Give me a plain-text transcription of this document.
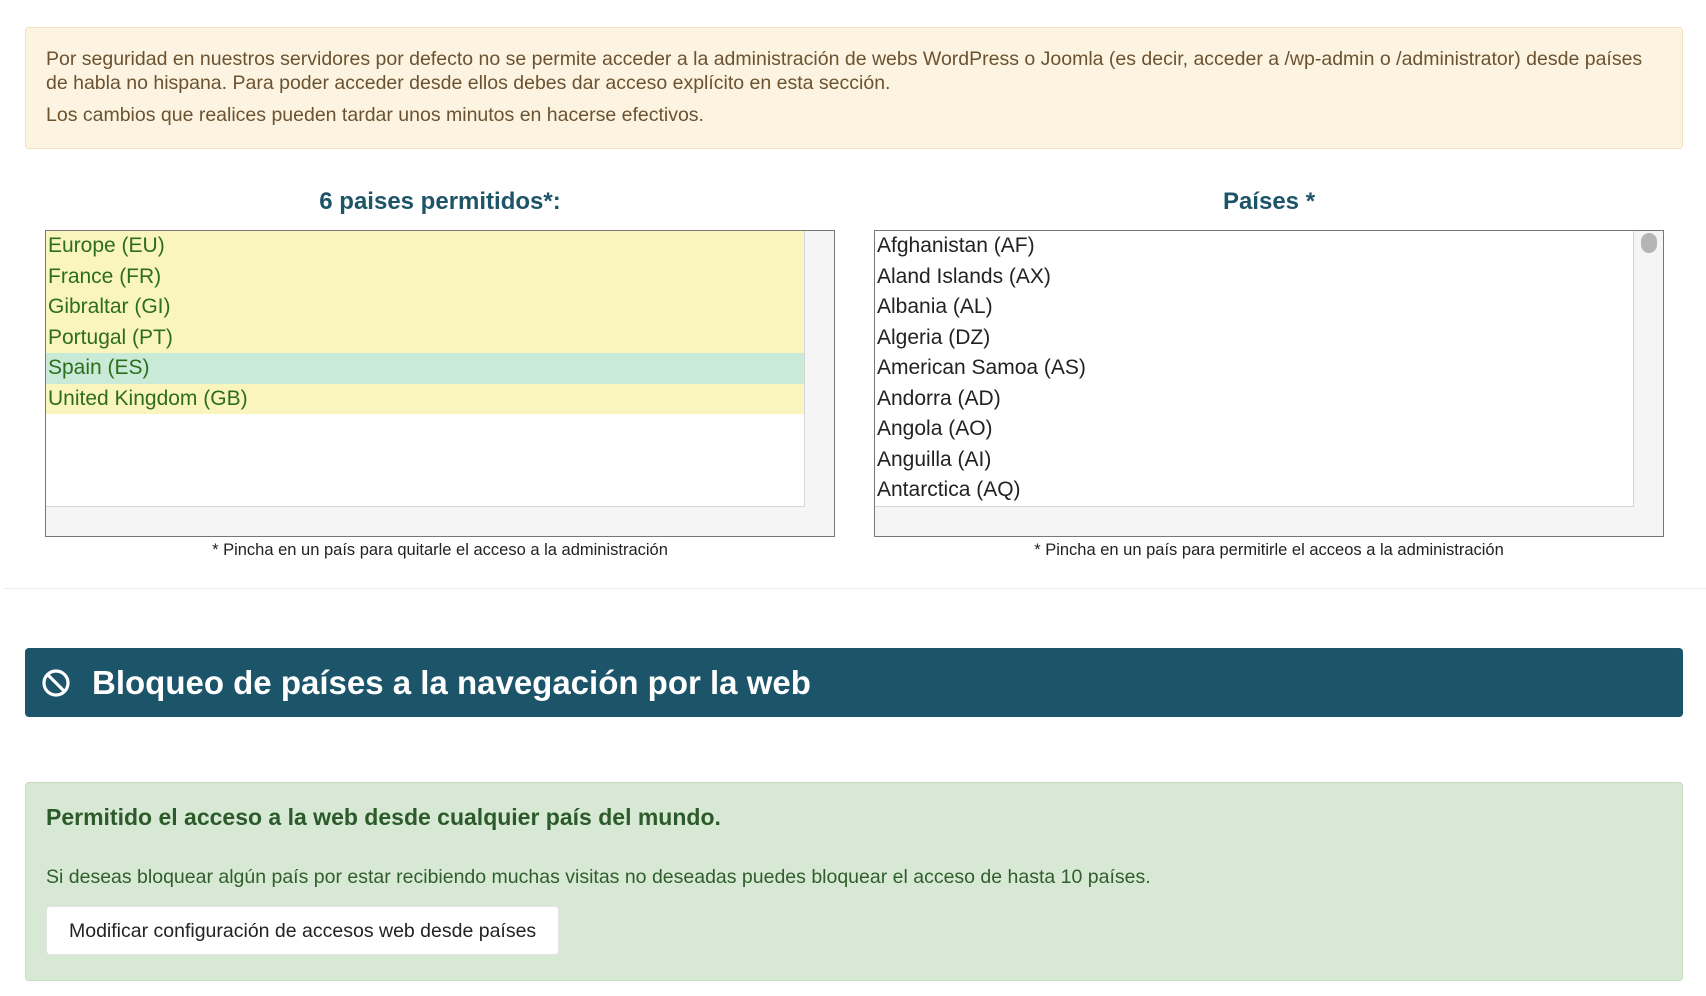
Por seguridad en nuestros servidores por defecto no se permite acceder a la administración de webs WordPress o Joomla (es decir, acceder a /wp-admin o /administrator) desde países de habla no hispana. Para poder acceder desde ellos debes dar acceso explícito en esta sección.

Los cambios que realices pueden tardar unos minutos en hacerse efectivos.

6 paises permitidos*:
Europe (EU)
France (FR)
Gibraltar (GI)
Portugal (PT)
Spain (ES)
United Kingdom (GB)
* Pincha en un país para quitarle el acceso a la administración
Países *
Afghanistan (AF)
Aland Islands (AX)
Albania (AL)
Algeria (DZ)
American Samoa (AS)
Andorra (AD)
Angola (AO)
Anguilla (AI)
Antarctica (AQ)
* Pincha en un país para permitirle el acceos a la administración
Bloqueo de países a la navegación por la web
Permitido el acceso a la web desde cualquier país del mundo.

Si deseas bloquear algún país por estar recibiendo muchas visitas no deseadas puedes bloquear el acceso de hasta 10 países.

Modificar configuración de accesos web desde países
